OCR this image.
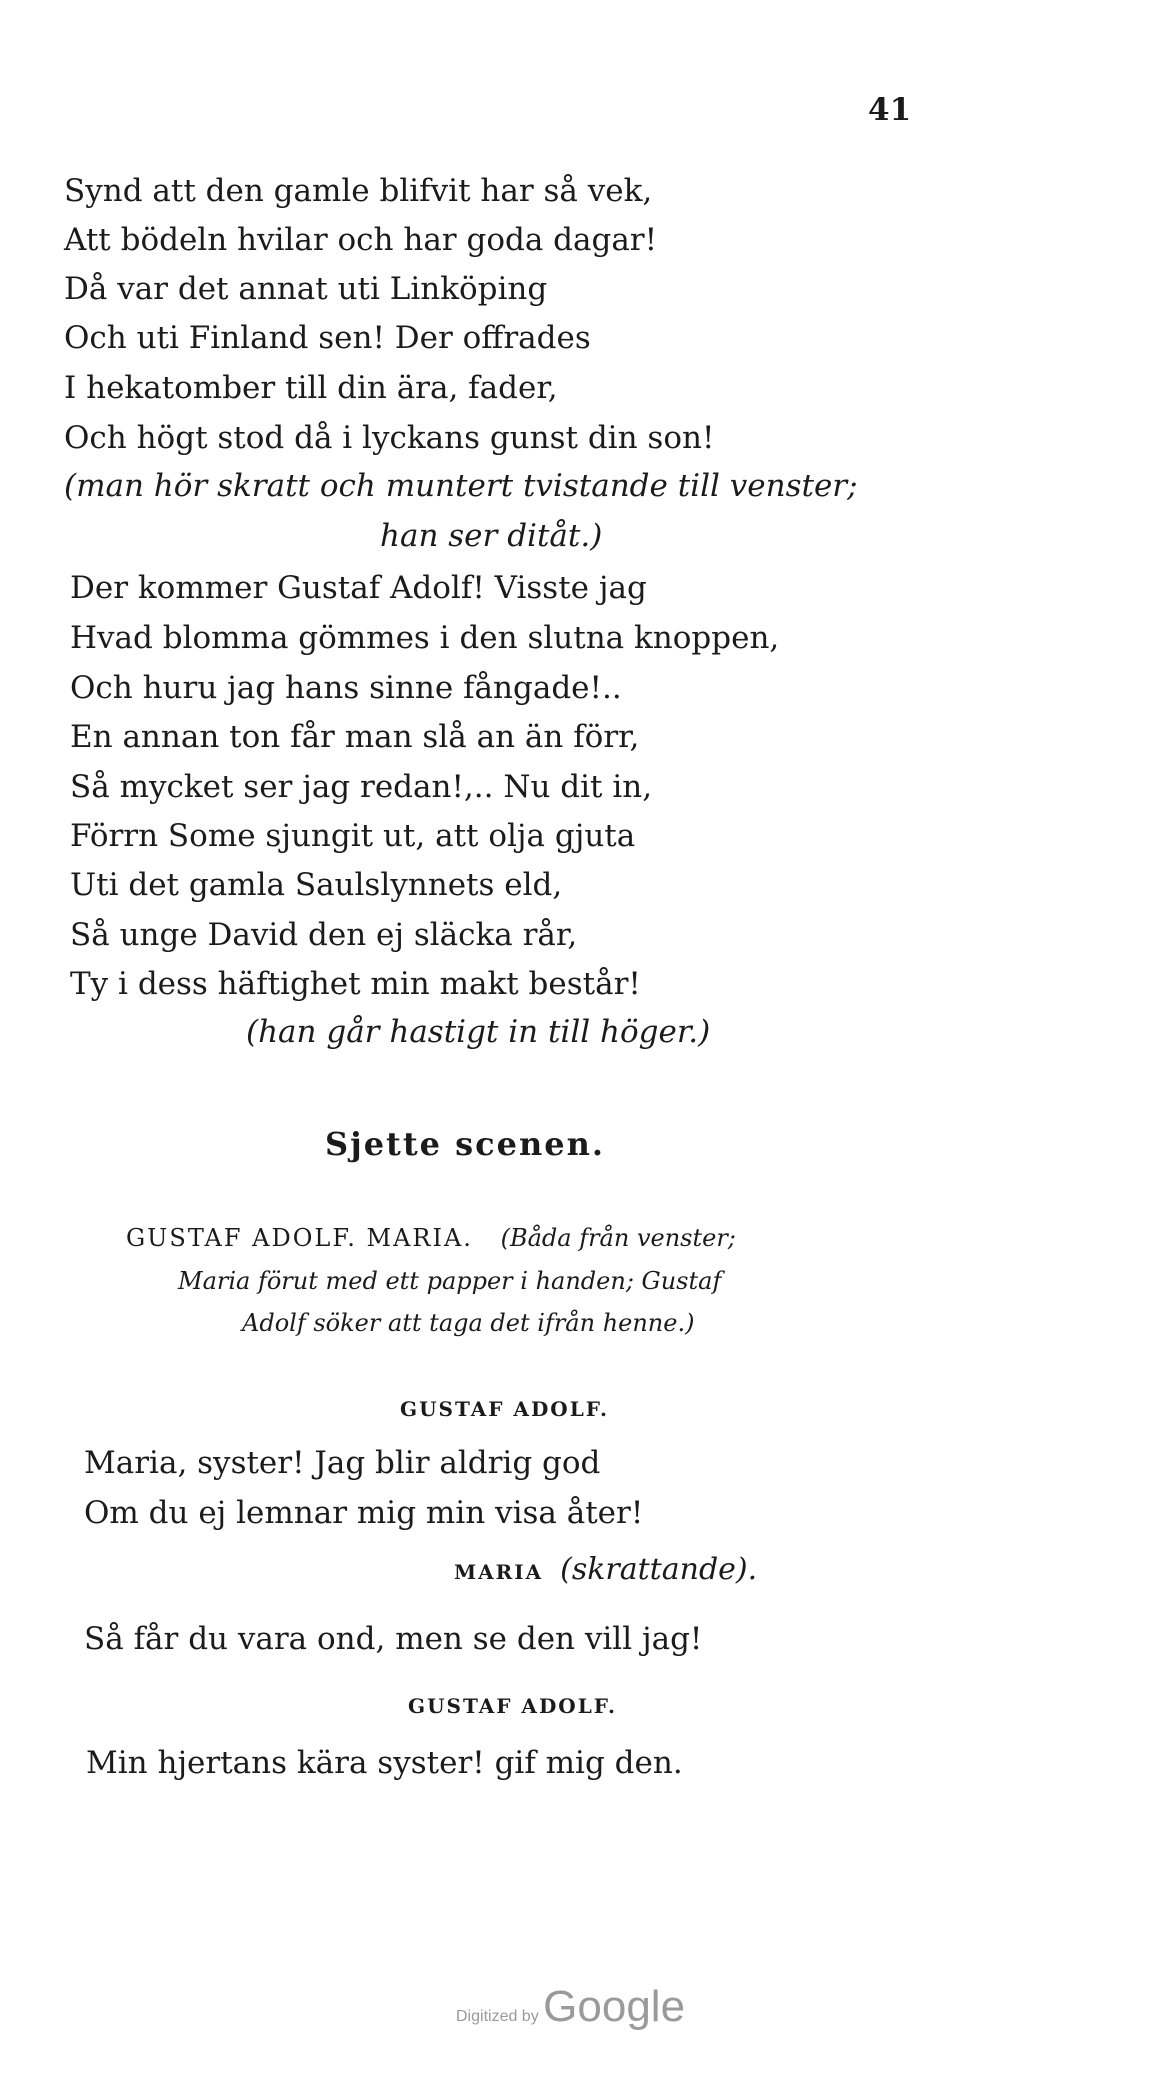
41
Synd att den gamle blifvit har så vek,
Att bödeln hvilar och har goda dagar!
Då var det annat uti Linköping
Och uti Finland sen! Der offrades
I hekatomber till din ära, fader,
Och högt stod då i lyckans gunst din son!
(man hör skratt och muntert tvistande till venster;
han ser ditåt.)
Der kommer Gustaf Adolf! Visste jag
Hvad blomma gömmes i den slutna knoppen,
Och huru jag hans sinne fångade!..
En annan ton får man slå an än förr,
Så mycket ser jag redan!,.. Nu dit in,
Förrn Some sjungit ut, att olja gjuta
Uti det gamla Saulslynnets eld,
Så unge David den ej släcka rår,
Ty i dess häftighet min makt består!
(han går hastigt in till höger.)
Sjette scenen.
GUSTAF ADOLF. MARIA. (Båda från venster;
Maria förut med ett papper i handen; Gustaf
Adolf söker att taga det ifrån henne.)
GUSTAF ADOLF.
Maria, syster! Jag blir aldrig god
Om du ej lemnar mig min visa åter!
MARIA (skrattande).
Så får du vara ond, men se den vill jag!
GUSTAF ADOLF.
Min hjertans kära syster! gif mig den.
Digitized by Google
